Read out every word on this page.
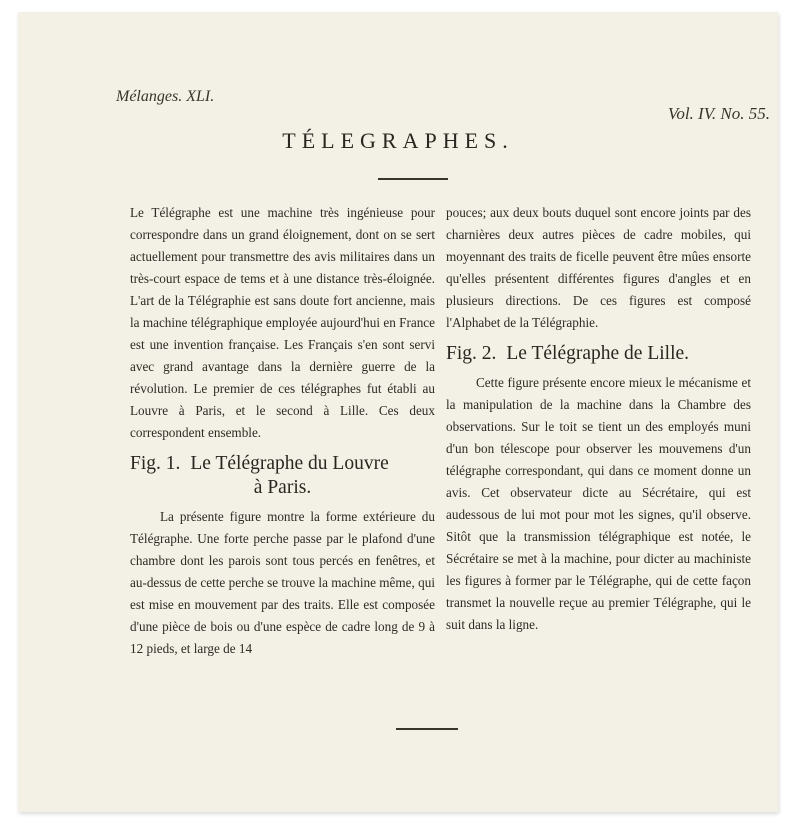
Mélanges. XLI.
Vol. IV. No. 55.
TÉLEGRAPHES.

Le Télégraphe est une machine très ingénieuse pour correspondre dans un grand éloignement, dont on se sert actuellement pour transmettre des avis militaires dans un très-court espace de tems et à une distance très-éloignée. L'art de la Télégraphie est sans doute fort ancienne, mais la machine télégraphique employée aujourd'hui en France est une invention française. Les Français s'en sont servi avec grand avantage dans la dernière guerre de la révolution. Le premier de ces télégraphes fut établi au Louvre à Paris, et le second à Lille. Ces deux correspondent ensemble.

Fig. 1. Le Télégraphe du Louvre
à Paris.

La présente figure montre la forme extérieure du Télégraphe. Une forte perche passe par le plafond d'une chambre dont les parois sont tous percés en fenêtres, et au-dessus de cette perche se trouve la machine même, qui est mise en mouvement par des traits. Elle est composée d'une pièce de bois ou d'une espèce de cadre long de 9 à 12 pieds, et large de 14

pouces; aux deux bouts duquel sont encore joints par des charnières deux autres pièces de cadre mobiles, qui moyennant des traits de ficelle peuvent être mûes ensorte qu'elles présentent différentes figures d'angles et en plusieurs directions. De ces figures est composé l'Alphabet de la Télégraphie.

Fig. 2. Le Télégraphe de Lille.

Cette figure présente encore mieux le mécanisme et la manipulation de la machine dans la Chambre des observations. Sur le toit se tient un des employés muni d'un bon télescope pour observer les mouvemens d'un télégraphe correspondant, qui dans ce moment donne un avis. Cet observateur dicte au Sécrétaire, qui est audessous de lui mot pour mot les signes, qu'il observe. Sitôt que la transmission télégraphique est notée, le Sécrétaire se met à la machine, pour dicter au machiniste les figures à former par le Télégraphe, qui de cette façon transmet la nouvelle reçue au premier Télégraphe, qui le suit dans la ligne.
